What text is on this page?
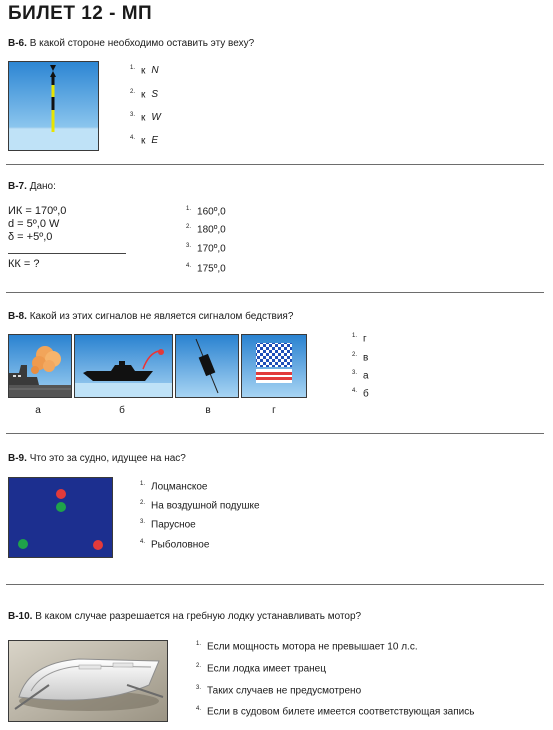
БИЛЕТ 12 - МП
В-6. В какой стороне необходимо оставить эту веху?
$^{1.}$ к N
$^{2.}$ к S
$^{3.}$ к W
$^{4.}$ к E
В-7. Дано:
ИК = 170º,0
d = 5º,0 W
δ = +5º,0
КК = ?
$^{1.}$ 160º,0
$^{2.}$ 180º,0
$^{3.}$ 170º,0
$^{4.}$ 175º,0
В-8. Какой из этих сигналов не является сигналом бедствия?
а	б	в	г
$^{1.}$ г
$^{2.}$ в
$^{3.}$ а
$^{4.}$ б
В-9. Что это за судно, идущее на нас?
$^{1.}$ Лоцманское
$^{2.}$ На воздушной подушке
$^{3.}$ Парусное
$^{4.}$ Рыболовное
В-10. В каком случае разрешается на гребную лодку устанавливать мотор?
$^{1.}$ Если мощность мотора не превышает 10 л.с.
$^{2.}$ Если лодка имеет транец
$^{3.}$ Таких случаев не предусмотрено
$^{4.}$ Если в судовом билете имеется соответствующая запись
